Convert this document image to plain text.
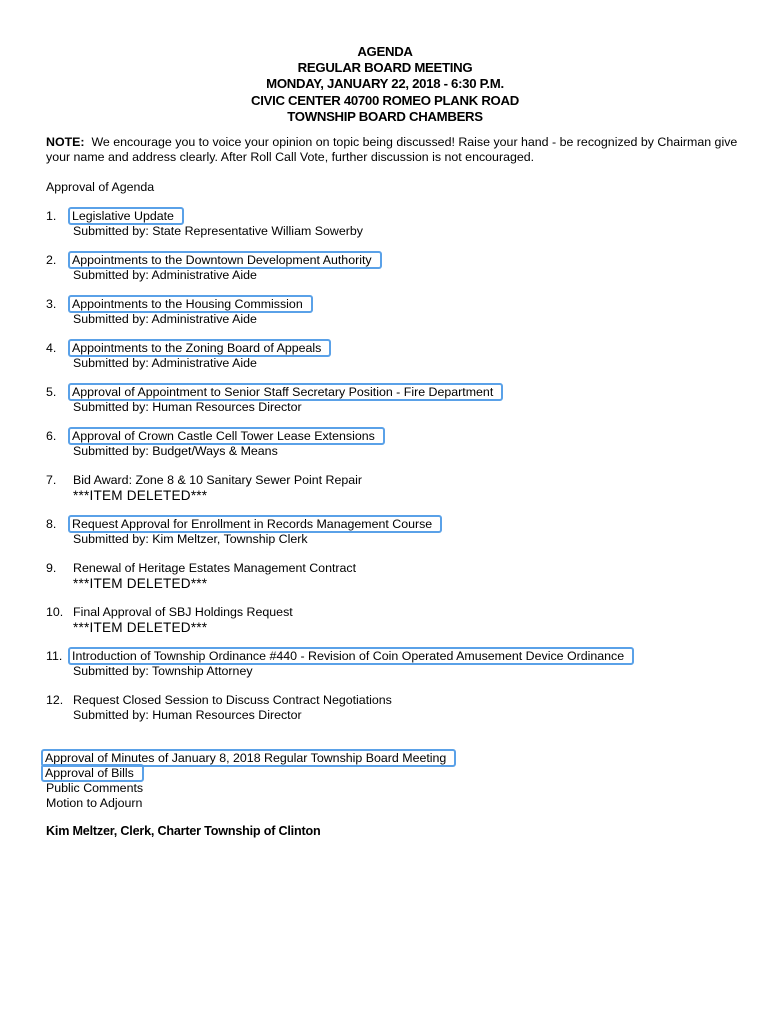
AGENDA
REGULAR BOARD MEETING
MONDAY, JANUARY 22, 2018 - 6:30 P.M.
CIVIC CENTER 40700 ROMEO PLANK ROAD
TOWNSHIP BOARD CHAMBERS
NOTE: We encourage you to voice your opinion on topic being discussed! Raise your hand - be recognized by Chairman give your name and address clearly. After Roll Call Vote, further discussion is not encouraged.
Approval of Agenda
1. Legislative Update
Submitted by: State Representative William Sowerby
2. Appointments to the Downtown Development Authority
Submitted by: Administrative Aide
3. Appointments to the Housing Commission
Submitted by: Administrative Aide
4. Appointments to the Zoning Board of Appeals
Submitted by: Administrative Aide
5. Approval of Appointment to Senior Staff Secretary Position - Fire Department
Submitted by: Human Resources Director
6. Approval of Crown Castle Cell Tower Lease Extensions
Submitted by: Budget/Ways & Means
7. Bid Award: Zone 8 & 10 Sanitary Sewer Point Repair
***ITEM DELETED***
8. Request Approval for Enrollment in Records Management Course
Submitted by: Kim Meltzer, Township Clerk
9. Renewal of Heritage Estates Management Contract
***ITEM DELETED***
10. Final Approval of SBJ Holdings Request
***ITEM DELETED***
11. Introduction of Township Ordinance #440 - Revision of Coin Operated Amusement Device Ordinance
Submitted by: Township Attorney
12. Request Closed Session to Discuss Contract Negotiations
Submitted by: Human Resources Director
Approval of Minutes of January 8, 2018 Regular Township Board Meeting
Approval of Bills
Public Comments
Motion to Adjourn
Kim Meltzer, Clerk, Charter Township of Clinton
